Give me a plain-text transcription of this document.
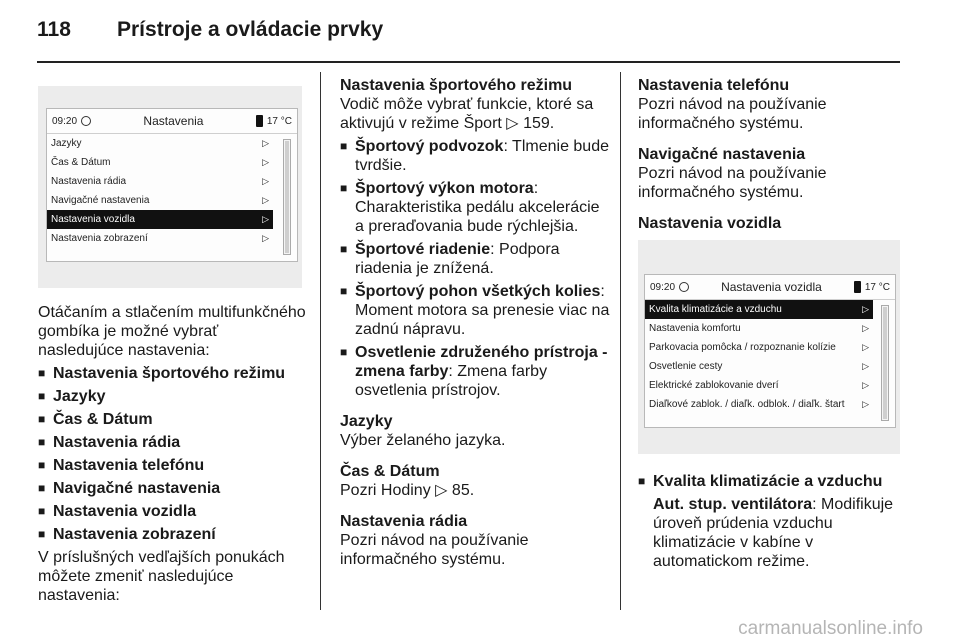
118 Prístroje a ovládacie prvky
09:20	Nastavenia	17 °C
Jazyky	▷
Čas & Dátum	▷
Nastavenia rádia	▷
Navigačné nastavenia	▷
Nastavenia vozidla	▷
Nastavenia zobrazení	▷

Otáčaním a stlačením multifunkčného gombíka je možné vybrať nasledujúce nastavenia:

■ Nastavenia športového režimu
■ Jazyky
■ Čas & Dátum
■ Nastavenia rádia
■ Nastavenia telefónu
■ Navigačné nastavenia
■ Nastavenia vozidla
■ Nastavenia zobrazení

V príslušných vedľajších ponukách môžete zmeniť nasledujúce nastavenia:

Nastavenia športového režimu

Vodič môže vybrať funkcie, ktoré sa aktivujú v režime Šport ▷ 159.

■ Športový podvozok: Tlmenie bude tvrdšie.
■ Športový výkon motora: Charakteristika pedálu akcelerácie a preraďovania bude rýchlejšia.
■ Športové riadenie: Podpora riadenia je znížená.
■ Športový pohon všetkých kolies: Moment motora sa prenesie viac na zadnú nápravu.
■ Osvetlenie združeného prístroja - zmena farby: Zmena farby osvetlenia prístrojov.

Jazyky

Výber želaného jazyka.

Čas & Dátum

Pozri Hodiny ▷ 85.

Nastavenia rádia

Pozri návod na používanie informačného systému.

Nastavenia telefónu

Pozri návod na používanie informačného systému.

Navigačné nastavenia

Pozri návod na používanie informačného systému.

Nastavenia vozidla

09:20	Nastavenia vozidla	17 °C
Kvalita klimatizácie a vzduchu	▷
Nastavenia komfortu	▷
Parkovacia pomôcka / rozpoznanie kolízie	▷
Osvetlenie cesty	▷
Elektrické zablokovanie dverí	▷
Diaľkové zablok. / diaľk. odblok. / diaľk. štart ▷
■ Kvalita klimatizácie a vzduchu

Aut. stup. ventilátora: Modifikuje úroveň prúdenia vzduchu klimatizácie v kabíne v automatickom režime.

carmanualsonline.info
